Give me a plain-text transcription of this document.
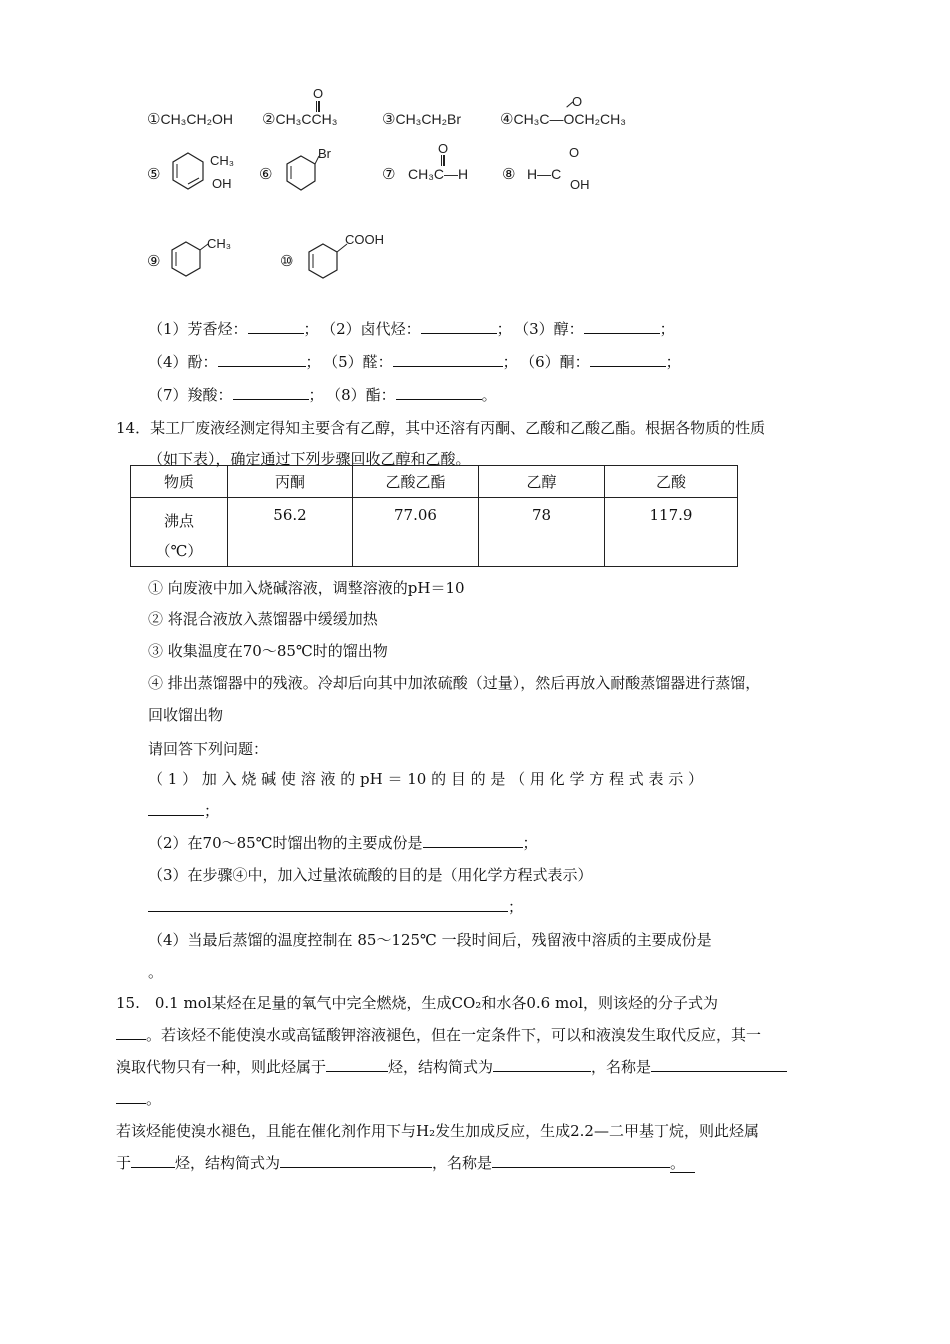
①CH₃CH₂OH ②CH₃CCH₃
O
③CH₃CH₂Br	④CH₃C—OCH₂CH₃
O
⑤
CH₃
OH
⑥
Br
⑦ CH₃C—H
O
⑧ H—C
O
OH
⑨
CH₃
⑩
COOH
（1）芳香烃：	； （2）卤代烃：	； （3）醇：	；
（4）酚：	； （5）醛：	； （6）酮：	；
（7）羧酸：	； （8）酯：	。
14．某工厂废液经测定得知主要含有乙醇，其中还溶有丙酮、乙酸和乙酸乙酯。根据各物质的性质
（如下表），确定通过下列步骤回收乙醇和乙酸。
物质	丙酮	乙酸乙酯	乙醇	乙酸

沸点
（℃）	56.2	77.06	78	117.9
① 向废液中加入烧碱溶液，调整溶液的pH＝10
② 将混合液放入蒸馏器中缓缓加热
③ 收集温度在70～85℃时的馏出物
④ 排出蒸馏器中的残液。冷却后向其中加浓硫酸（过量），然后再放入耐酸蒸馏器进行蒸馏，
回收馏出物
请回答下列问题：
（ 1 ） 加 入 烧 碱 使 溶 液 的 pH ＝ 10 的 目 的 是 （ 用 化 学 方 程 式 表 示 ）
；
（2）在70～85℃时馏出物的主要成份是	；
（3）在步骤④中，加入过量浓硫酸的目的是（用化学方程式表示）
；
（4）当最后蒸馏的温度控制在 85～125℃ 一段时间后，残留液中溶质的主要成份是
。
15.　0.1 mol某烃在足量的氧气中完全燃烧，生成CO₂和水各0.6 mol，则该烃的分子式为
。若该烃不能使溴水或高锰酸钾溶液褪色，但在一定条件下，可以和液溴发生取代反应，其一
溴取代物只有一种，则此烃属于	烃，结构简式为	，名称是
。
若该烃能使溴水褪色，且能在催化剂作用下与H₂发生加成反应，生成2.2—二甲基丁烷，则此烃属
于	烃，结构简式为	，名称是	。
